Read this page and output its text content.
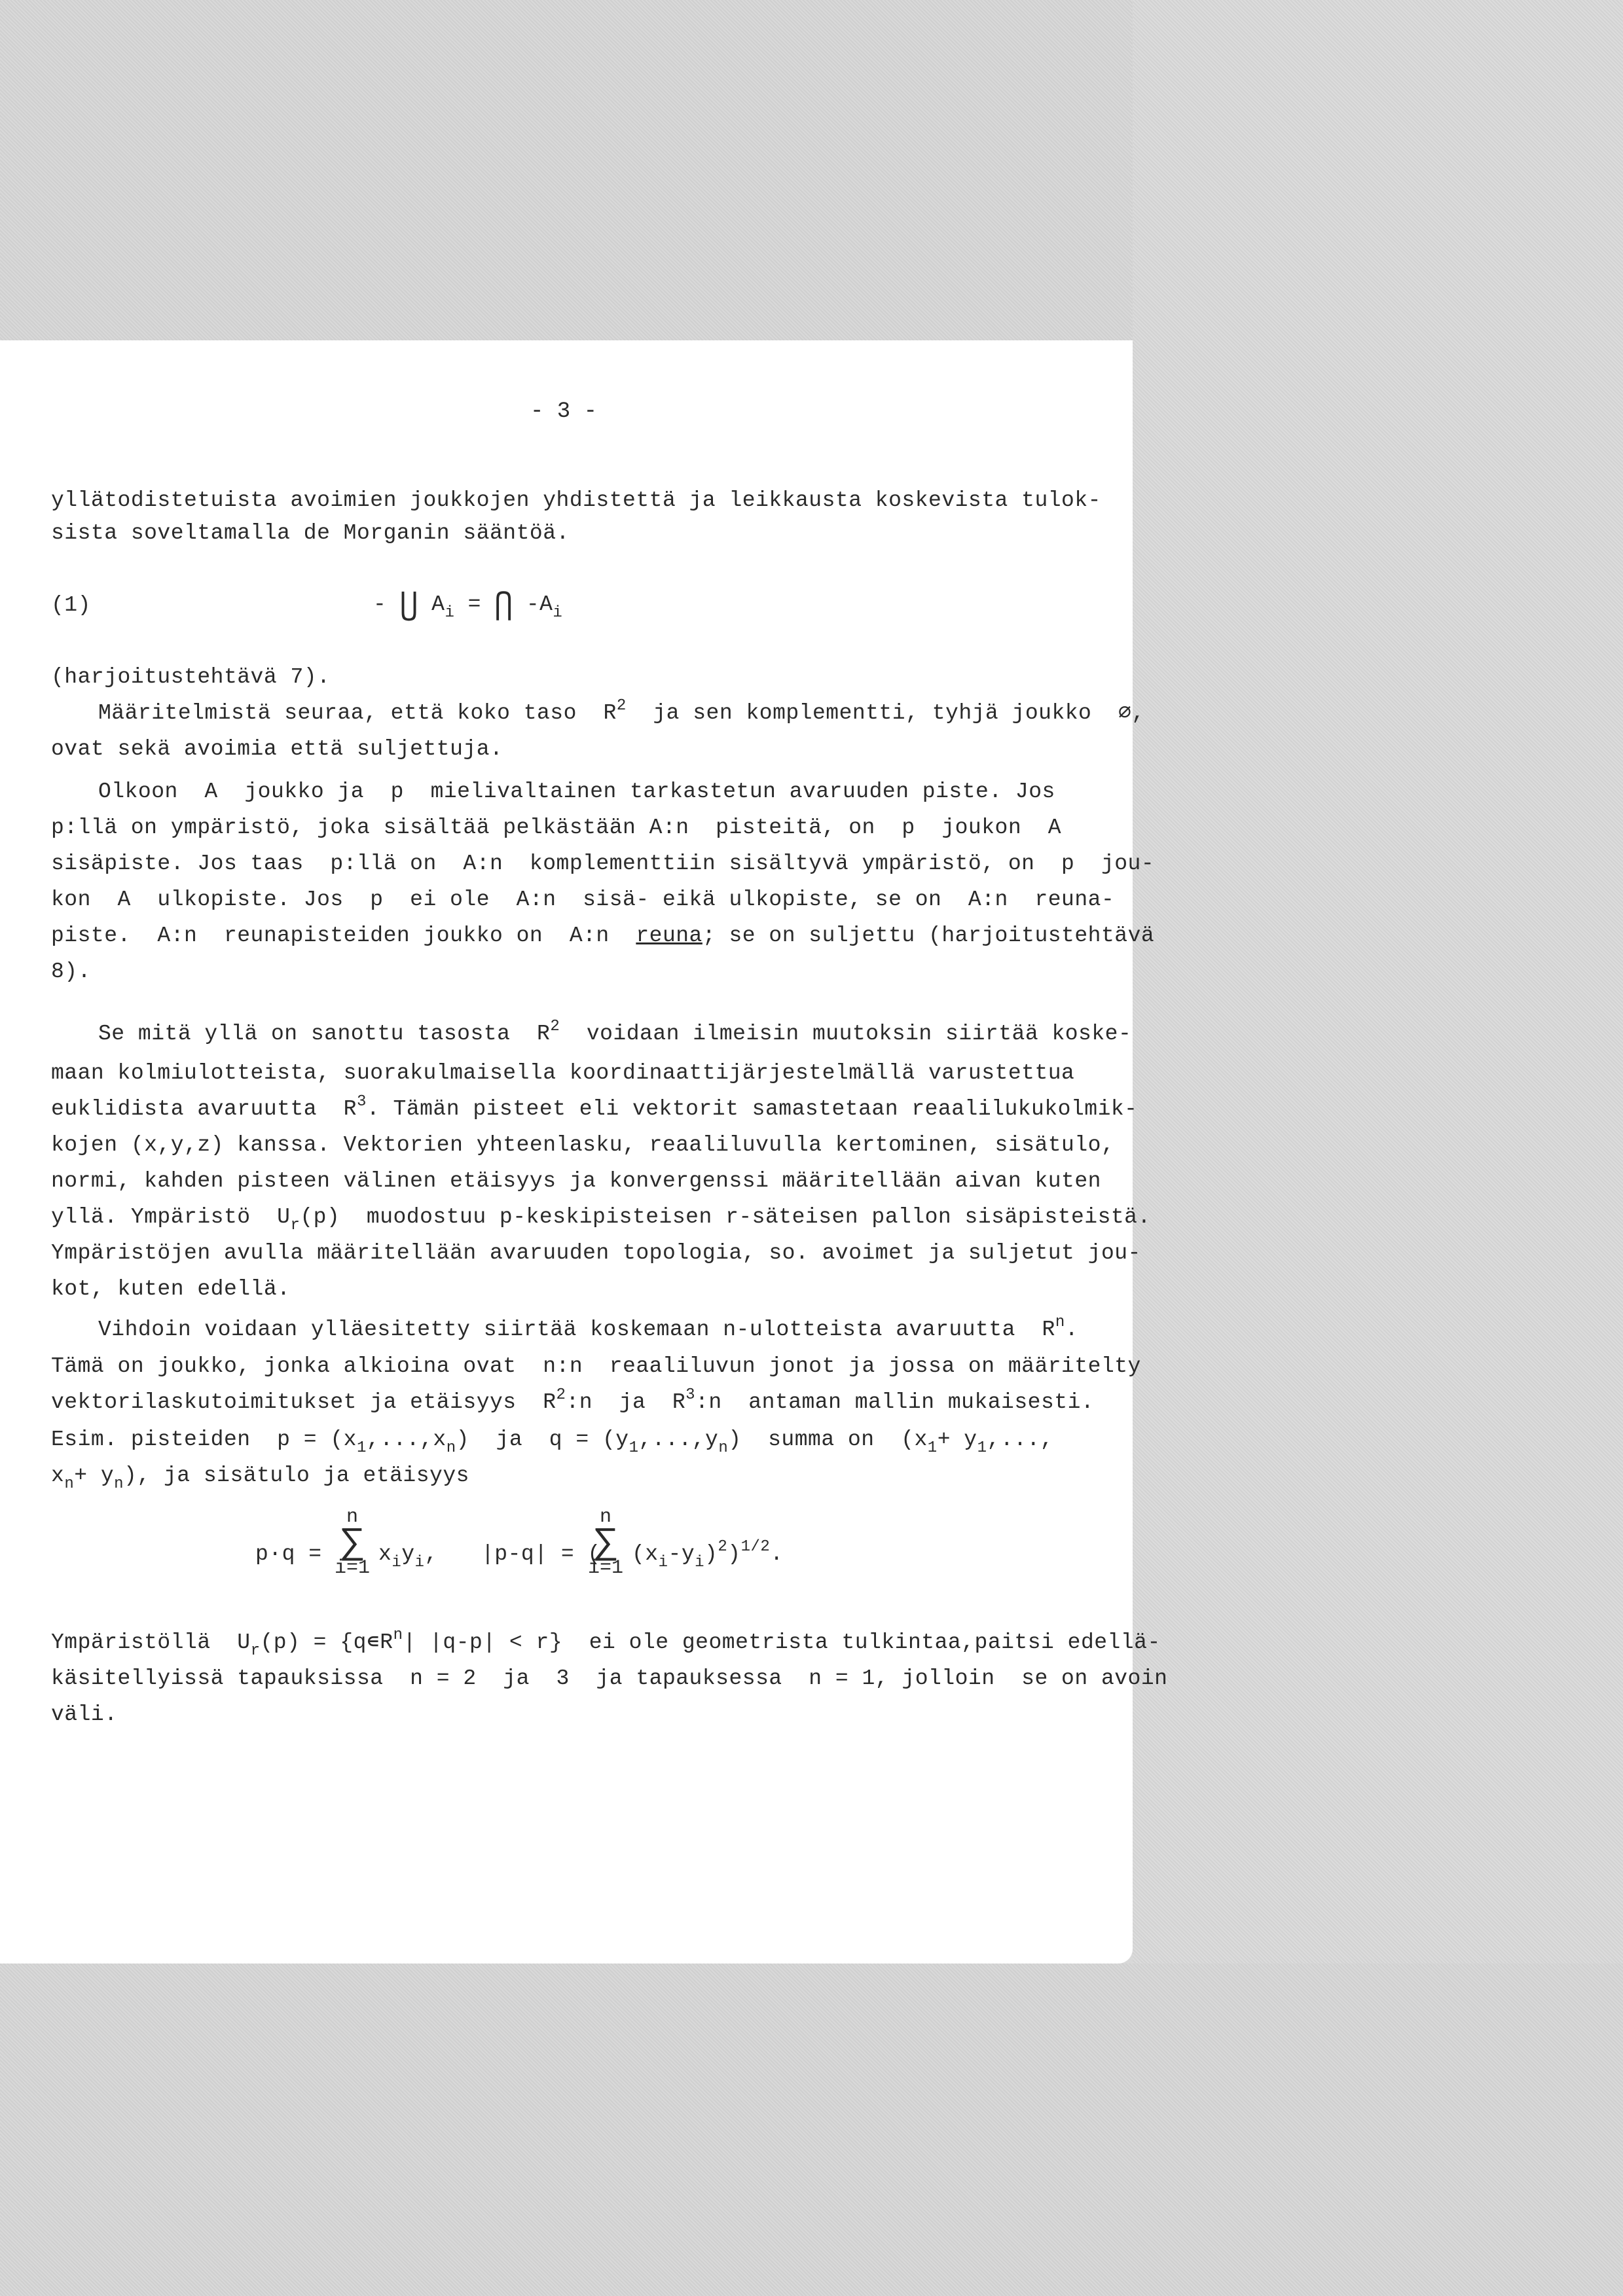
- 3 -
yllätodistetuista avoimien joukkojen yhdistettä ja leikkausta koskevista tulok-
sista soveltamalla de Morganin sääntöä.
(1)	- ⋃ $A_i$ = ⋂ $-A_i$
(harjoitustehtävä 7).
Määritelmistä seuraa, että koko taso  $R^2$  ja sen komplementti, tyhjä joukko  ∅,
ovat sekä avoimia että suljettuja.
Olkoon  A  joukko ja  p  mielivaltainen tarkastetun avaruuden piste. Jos
p:llä on ympäristö, joka sisältää pelkästään A:n  pisteitä, on  p  joukon  A
sisäpiste. Jos taas  p:llä on  A:n  komplementtiin sisältyvä ympäristö, on  p  jou-
kon  A  ulkopiste. Jos  p  ei ole  A:n  sisä- eikä ulkopiste, se on  A:n  reuna-
piste.  A:n  reunapisteiden joukko on  A:n  reuna; se on suljettu (harjoitustehtävä
8).
Se mitä yllä on sanottu tasosta  $R^2$  voidaan ilmeisin muutoksin siirtää koske-
maan kolmiulotteista, suorakulmaisella koordinaattijärjestelmällä varustettua
euklidista avaruutta  $R^3$. Tämän pisteet eli vektorit samastetaan reaalilukukolmik-
kojen (x,y,z) kanssa. Vektorien yhteenlasku, reaaliluvulla kertominen, sisätulo,
normi, kahden pisteen välinen etäisyys ja konvergenssi määritellään aivan kuten
yllä. Ympäristö  $U_r(p)$  muodostuu p-keskipisteisen r-säteisen pallon sisäpisteistä.
Ympäristöjen avulla määritellään avaruuden topologia, so. avoimet ja suljetut jou-
kot, kuten edellä.
Vihdoin voidaan ylläesitetty siirtää koskemaan n-ulotteista avaruutta  $R^n$.
Tämä on joukko, jonka alkioina ovat  n:n  reaaliluvun jonot ja jossa on määritelty
vektorilaskutoimitukset ja etäisyys  $R^2:n$  ja  $R^3:n$  antaman mallin mukaisesti.
Esim. pisteiden  $p = (x_1,...,x_n)$  ja  $q = (y_1,...,y_n)$  summa on  ($x_1+ y_1$,...,
$x_n+ y_n$), ja sisätulo ja etäisyys
p·q =
n
∑
i=1
$x_iy_i$, |p-q| = (
n
∑
i=1
$(x_i-y_i)^2)^{1/2}$.
Ympäristöllä  $U_r(p)$ = {$q∊R^n|$ |q-p| < r}  ei ole geometrista tulkintaa,paitsi edellä-
käsitellyissä tapauksissa  n = 2  ja  3  ja tapauksessa  n = 1, jolloin  se on avoin
väli.
